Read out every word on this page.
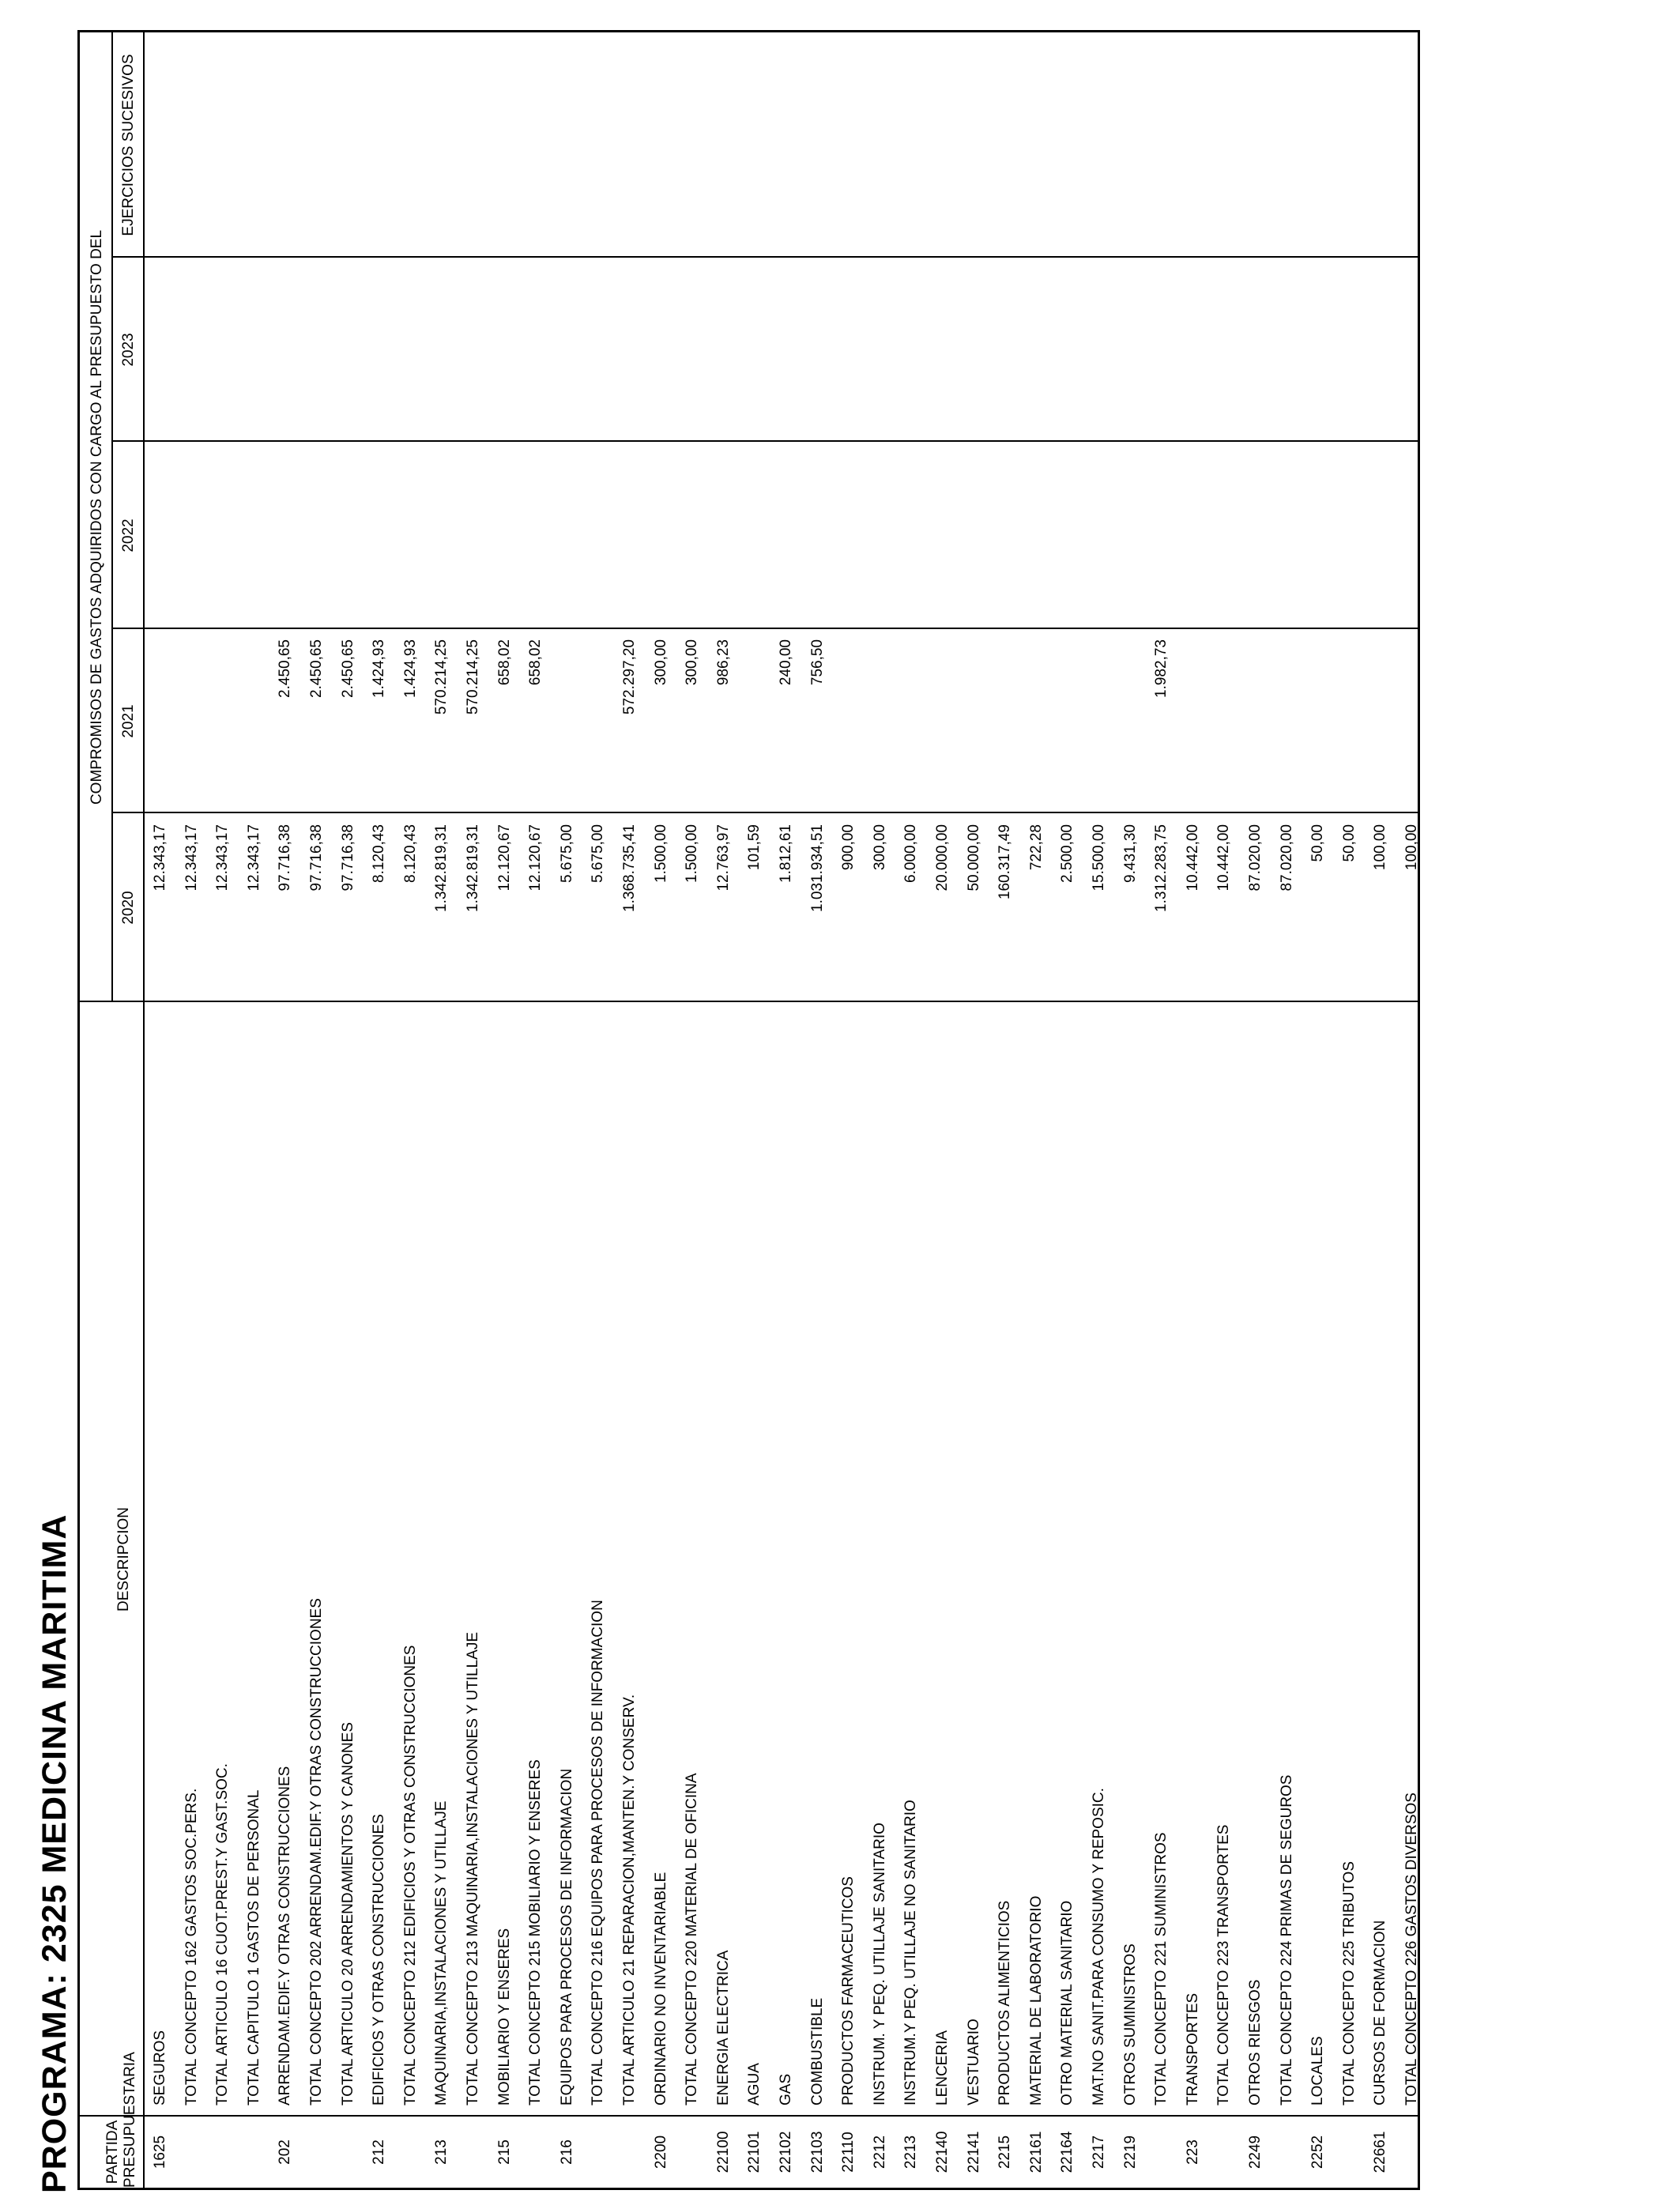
PROGRAMA: 2325 MEDICINA MARITIMA PARTIDA PRESUPUESTARIA
DESCRIPCION
COMPROMISOS DE GASTOS ADQUIRIDOS CON CARGO AL PRESUPUESTO DEL
2020
2021
2022
2023
EJERCICIOS SUCESIVOS
1625
SEGUROS
12.343,17
TOTAL CONCEPTO 162 GASTOS SOC.PERS.
12.343,17
TOTAL ARTICULO 16 CUOT.PREST.Y GAST.SOC.
12.343,17
TOTAL CAPITULO 1 GASTOS DE PERSONAL
12.343,17
202
ARRENDAM.EDIF.Y OTRAS CONSTRUCCIONES
97.716,38
2.450,65
TOTAL CONCEPTO 202 ARRENDAM.EDIF.Y OTRAS CONSTRUCCIONES
97.716,38
2.450,65
TOTAL ARTICULO 20 ARRENDAMIENTOS Y CANONES
97.716,38
2.450,65
212
EDIFICIOS Y OTRAS CONSTRUCCIONES
8.120,43
1.424,93
TOTAL CONCEPTO 212 EDIFICIOS Y OTRAS CONSTRUCCIONES
8.120,43
1.424,93
213
MAQUINARIA,INSTALACIONES Y UTILLAJE
1.342.819,31
570.214,25
TOTAL CONCEPTO 213 MAQUINARIA,INSTALACIONES Y UTILLAJE
1.342.819,31
570.214,25
215
MOBILIARIO Y ENSERES
12.120,67
658,02
TOTAL CONCEPTO 215 MOBILIARIO Y ENSERES
12.120,67
658,02
216
EQUIPOS PARA PROCESOS DE INFORMACION
5.675,00
TOTAL CONCEPTO 216 EQUIPOS PARA PROCESOS DE INFORMACION
5.675,00
TOTAL ARTICULO 21 REPARACION,MANTEN.Y CONSERV.
1.368.735,41
572.297,20
2200
ORDINARIO NO INVENTARIABLE
1.500,00
300,00
TOTAL CONCEPTO 220 MATERIAL DE OFICINA
1.500,00
300,00
22100
ENERGIA ELECTRICA
12.763,97
986,23
22101
AGUA
101,59
22102
GAS
1.812,61
240,00
22103
COMBUSTIBLE
1.031.934,51
756,50
22110
PRODUCTOS FARMACEUTICOS
900,00
2212
INSTRUM. Y PEQ. UTILLAJE SANITARIO
300,00
2213
INSTRUM.Y PEQ. UTILLAJE NO SANITARIO
6.000,00
22140
LENCERIA
20.000,00
22141
VESTUARIO
50.000,00
2215
PRODUCTOS ALIMENTICIOS
160.317,49
22161
MATERIAL DE LABORATORIO
722,28
22164
OTRO MATERIAL SANITARIO
2.500,00
2217
MAT.NO SANIT.PARA CONSUMO Y REPOSIC.
15.500,00
2219
OTROS SUMINISTROS
9.431,30
TOTAL CONCEPTO 221 SUMINISTROS
1.312.283,75
1.982,73
223
TRANSPORTES
10.442,00
TOTAL CONCEPTO 223 TRANSPORTES
10.442,00
2249
OTROS RIESGOS
87.020,00
TOTAL CONCEPTO 224 PRIMAS DE SEGUROS
87.020,00
2252
LOCALES
50,00
TOTAL CONCEPTO 225 TRIBUTOS
50,00
22661
CURSOS DE FORMACION
100,00
TOTAL CONCEPTO 226 GASTOS DIVERSOS
100,00
